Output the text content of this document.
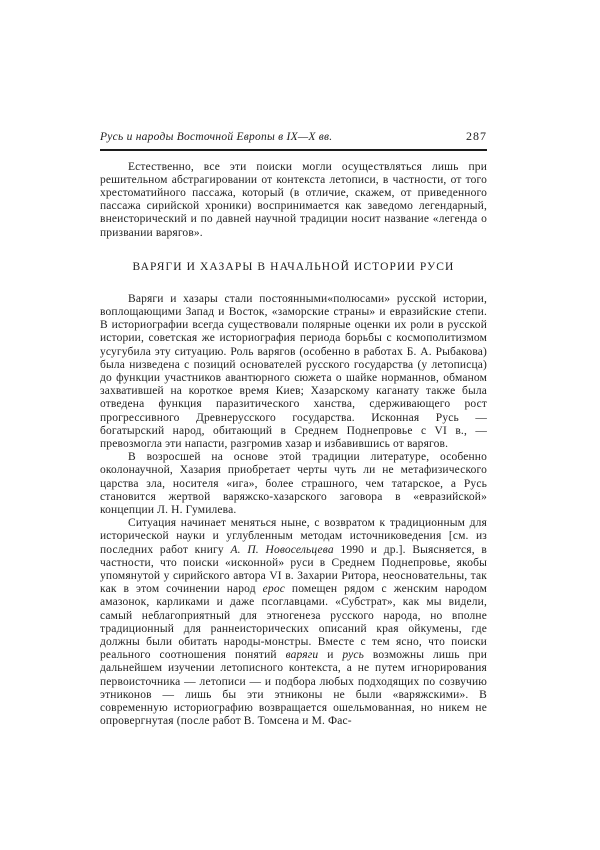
Русь и народы Восточной Европы в IX—X вв.	287

Естественно, все эти поиски могли осуществляться лишь при решительном абстрагировании от контекста летописи, в частности, от того хрестоматийного пассажа, который (в отличие, скажем, от приведенного пассажа сирийской хроники) воспринимается как заведомо легендарный, внеисторический и по давней научной традиции носит название «легенда о призвании варягов».

ВАРЯГИ И ХАЗАРЫ В НАЧАЛЬНОЙ ИСТОРИИ РУСИ

Варяги и хазары стали постоянными«полюсами» русской истории, воплощающими Запад и Восток, «заморские страны» и евразийские степи. В историографии всегда существовали полярные оценки их роли в русской истории, советская же историография периода борьбы с космополитизмом усугубила эту ситуацию. Роль варягов (особенно в работах Б. А. Рыбакова) была низведена с позиций основателей русского государства (у летописца) до функции участников авантюрного сюжета о шайке норманнов, обманом захватившей на короткое время Киев; Хазарскому каганату также была отведена функция паразитического ханства, сдерживающего рост прогрессивного Древнерусского государства. Исконная Русь — богатырский народ, обитающий в Среднем Поднепровье с VI в., — превозмогла эти напасти, разгромив хазар и избавившись от варягов.

В возросшей на основе этой традиции литературе, особенно околонаучной, Хазария приобретает черты чуть ли не метафизического царства зла, носителя «ига», более страшного, чем татарское, а Русь становится жертвой варяжско-хазарского заговора в «евразийской» концепции Л. Н. Гумилева.

Ситуация начинает меняться ныне, с возвратом к традиционным для исторической науки и углубленным методам источниковедения [см. из последних работ книгу А. П. Новосельцева 1990 и др.]. Выясняется, в частности, что поиски «исконной» руси в Среднем Поднепровье, якобы упомянутой у сирийского автора VI в. Захарии Ритора, неосновательны, так как в этом сочинении народ ерос помещен рядом с женским народом амазонок, карликами и даже псоглавцами. «Субстрат», как мы видели, самый неблагоприятный для этногенеза русского народа, но вполне традиционный для раннеисторических описаний края ойкумены, где должны были обитать народы-монстры. Вместе с тем ясно, что поиски реального соотношения понятий варяги и русь возможны лишь при дальнейшем изучении летописного контекста, а не путем игнорирования первоисточника — летописи — и подбора любых подходящих по созвучию этниконов — лишь бы эти этниконы не были «варяжскими». В современную историографию возвращается ошельмованная, но никем не опровергнутая (после работ В. Томсена и М. Фас-
